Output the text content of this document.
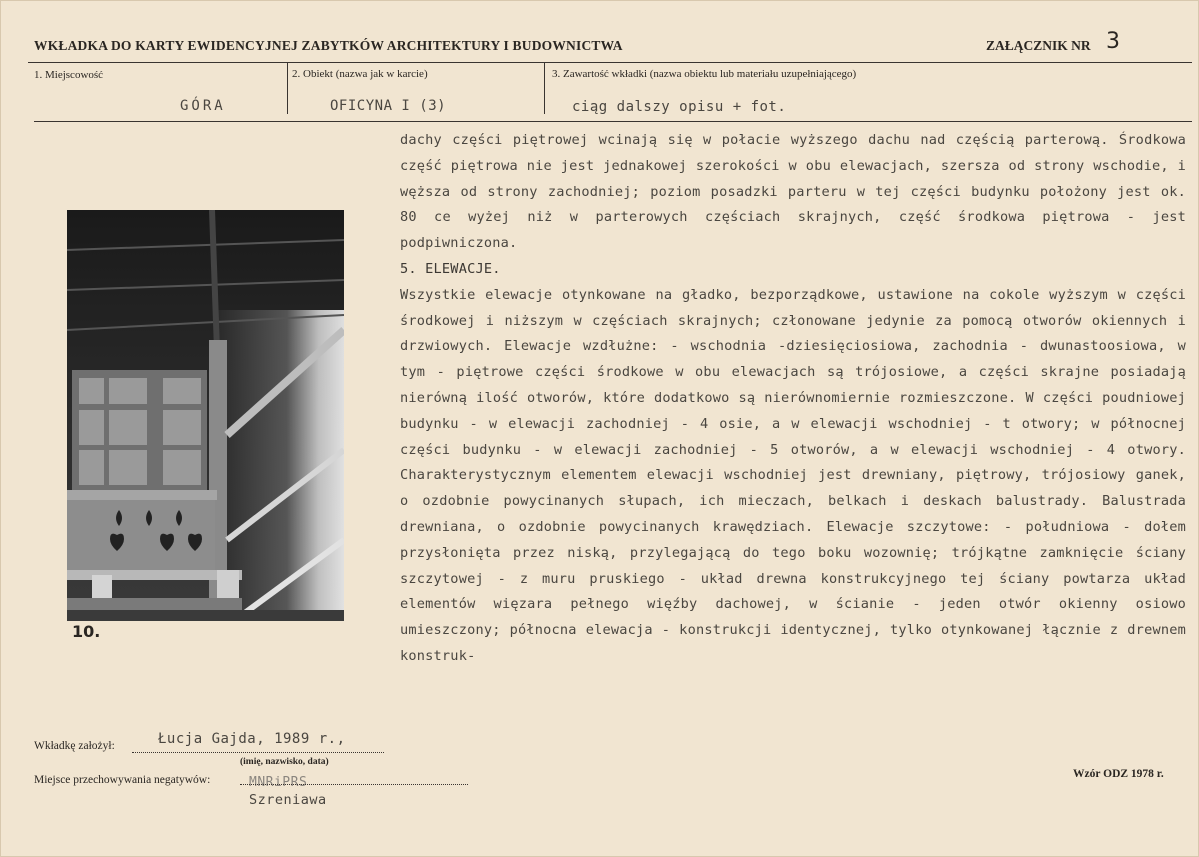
WKŁADKA DO KARTY EWIDENCYJNEJ ZABYTKÓW ARCHITEKTURY I BUDOWNICTWA	ZAŁĄCZNIK NR 3
1. Miejscowość	2. Obiekt (nazwa jak w karcie)	3. Zawartość wkładki (nazwa obiektu lub materiału uzupełniającego)
GÓRA	OFICYNA I (3)	ciąg dalszy opisu + fot.

dachy części piętrowej wcinają się w połacie wyższego dachu nad częścią parterową. Środkowa część piętrowa nie jest jednakowej szerokości w obu elewacjach, szersza od strony wschodie, i węższa od strony zachodniej; poziom posadzki parteru w tej części budynku położony jest ok. 80 ce wyżej niż w parterowych częściach skrajnych, część środkowa piętrowa - jest podpiwniczona.

5. ELEWACJE.

Wszystkie elewacje otynkowane na gładko, bezporządkowe, ustawione na cokole wyższym w części środkowej i niższym w częściach skrajnych; członowane jedynie za pomocą otworów okiennych i drzwiowych. Elewacje wzdłużne: - wschodnia -dziesięciosiowa, zachodnia - dwunastoosiowa, w tym - piętrowe części środkowe w obu elewacjach są trójosiowe, a części skrajne posiadają nierówną ilość otworów, które dodatkowo są nierównomiernie rozmieszczone. W części poudniowej budynku - w elewacji zachodniej - 4 osie, a w elewacji wschodniej - t otwory; w północnej części budynku - w elewacji zachodniej - 5 otworów, a w elewacji wschodniej - 4 otwory. Charakterystycznym elementem elewacji wschodniej jest drewniany, piętrowy, trójosiowy ganek, o ozdobnie powycinanych słupach, ich mieczach, belkach i deskach balustrady. Balustrada drewniana, o ozdobnie powycinanych krawędziach. Elewacje szczytowe: - południowa - dołem przysłonięta przez niską, przylegającą do tego boku wozownię; trójkątne zamknięcie ściany szczytowej - z muru pruskiego - układ drewna konstrukcyjnego tej ściany powtarza układ elementów więzara pełnego więźby dachowej, w ścianie - jeden otwór okienny osiowo umieszczony; północna elewacja - konstrukcji identycznej, tylko otynkowanej łącznie z drewnem konstruk-

10.
Wkładkę założył:	Łucja Gajda, 1989 r.,
(imię, nazwisko, data)
Miejsce przechowywania negatywów:	MNRiPRS
Szreniawa
Wzór ODZ 1978 r.
